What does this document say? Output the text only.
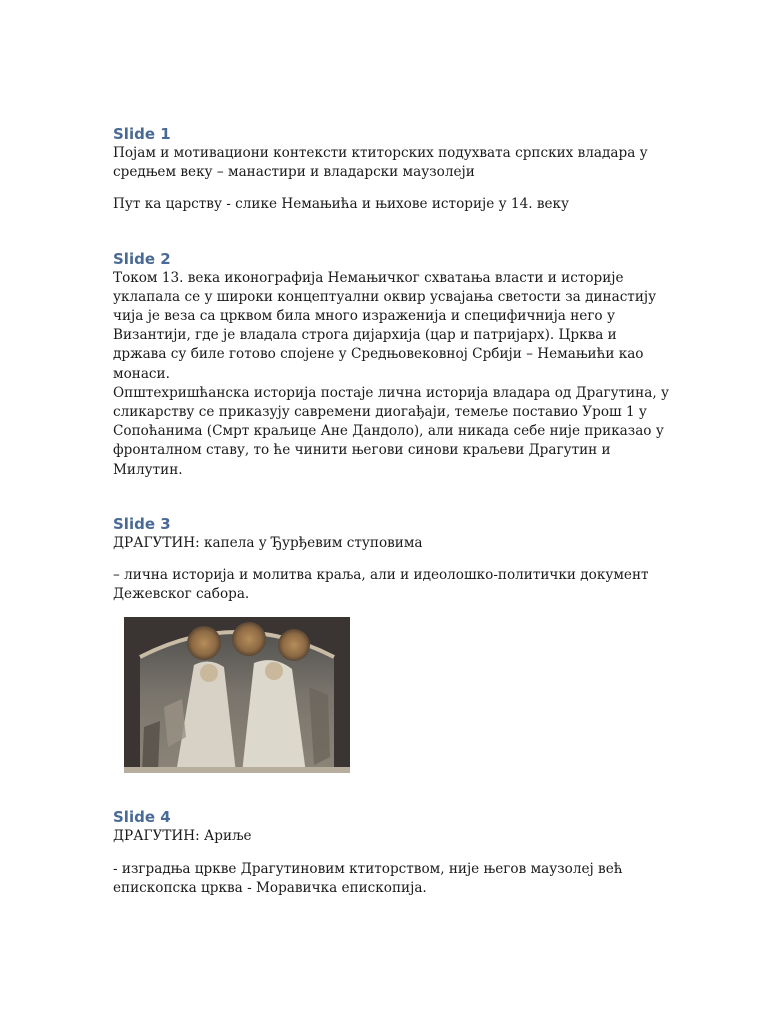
Slide 1

Појам и мотивациони контексти ктиторских подухвата српских владара у средњем веку – манастири и владарски маузолеји

Пут ка царству - слике Немањића и њихове историје у 14. веку

Slide 2

Током 13. века иконографија Немањичког схватања власти и историје уклапала се у широки концептуални оквир усвајања светости за династију чија је веза са црквом била много израженија и специфичнија него у Византији, где је владала строга дијархија (цар и патријарх). Црква и држава су биле готово спојене у Средњовековној Србији – Немањићи као монаси.

Општехришћанска историја постаје лична историја владара од Драгутина, у сликарству се приказују савремени диогађаји, темеље поставио Урош 1 у Сопоћанима (Смрт краљице Ане Дандоло), али никада себе није приказао у фронталном ставу, то ће чинити његови синови краљеви Драгутин и Милутин.

Slide 3

ДРАГУТИН: капела у Ђурђевим ступовима

– лична историја и молитва краља, али и идеолошко-политички документ Дежевског сабора.

Slide 4

ДРАГУТИН: Ариље

- изградња цркве Драгутиновим ктиторством, није његов маузолеј већ епископска црква - Моравичка епископија.
